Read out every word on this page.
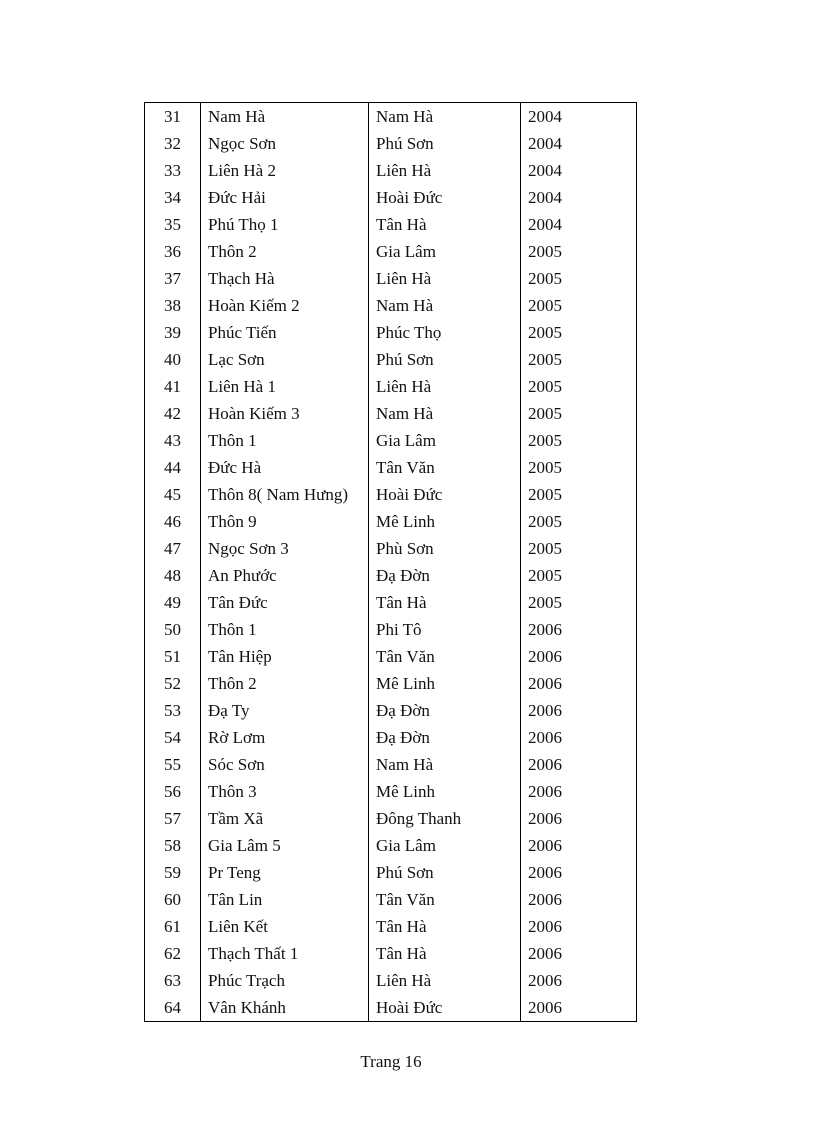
31	Nam Hà	Nam Hà	2004
32	Ngọc Sơn	Phú Sơn	2004
33	Liên Hà 2	Liên Hà	2004
34	Đức Hải	Hoài Đức	2004
35	Phú Thọ 1	Tân Hà	2004
36	Thôn 2	Gia Lâm	2005
37	Thạch Hà	Liên Hà	2005
38	Hoàn Kiếm 2	Nam Hà	2005
39	Phúc Tiến	Phúc Thọ	2005
40	Lạc Sơn	Phú Sơn	2005
41	Liên Hà 1	Liên Hà	2005
42	Hoàn Kiếm 3	Nam Hà	2005
43	Thôn 1	Gia Lâm	2005
44	Đức Hà	Tân Văn	2005
45	Thôn 8( Nam Hưng)	Hoài Đức	2005
46	Thôn 9	Mê Linh	2005
47	Ngọc Sơn 3	Phù Sơn	2005
48	An Phước	Đạ Đờn	2005
49	Tân Đức	Tân Hà	2005
50	Thôn 1	Phi Tô	2006
51	Tân Hiệp	Tân Văn	2006
52	Thôn 2	Mê Linh	2006
53	Đạ Ty	Đạ Đờn	2006
54	Rờ Lơm	Đạ Đờn	2006
55	Sóc Sơn	Nam Hà	2006
56	Thôn 3	Mê Linh	2006
57	Tầm Xã	Đông Thanh	2006
58	Gia Lâm 5	Gia Lâm	2006
59	Pr Teng	Phú Sơn	2006
60	Tân Lin	Tân Văn	2006
61	Liên Kết	Tân Hà	2006
62	Thạch Thất 1	Tân Hà	2006
63	Phúc Trạch	Liên Hà	2006
64	Vân Khánh	Hoài Đức	2006
Trang 16
